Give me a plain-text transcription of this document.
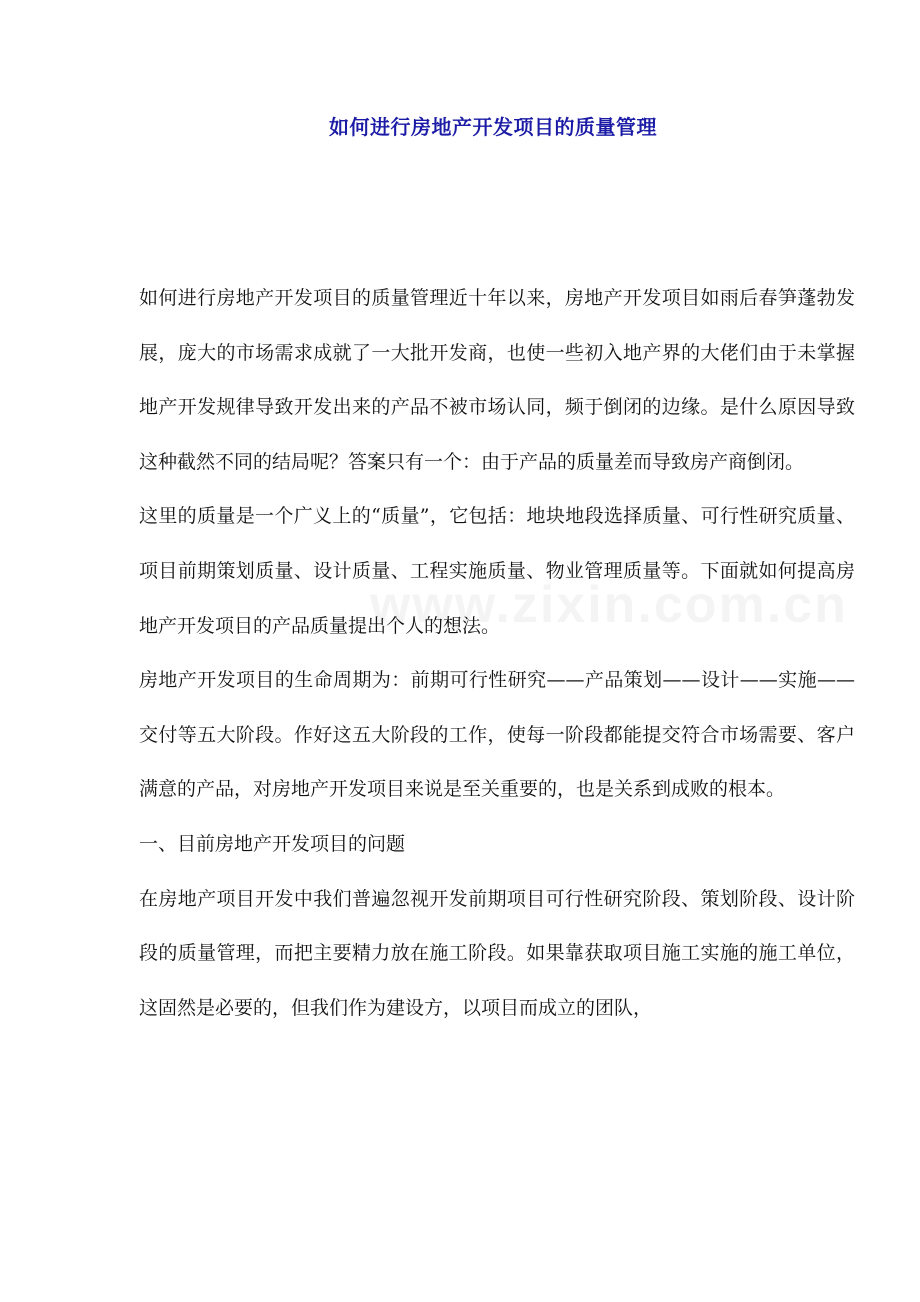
如何进行房地产开发项目的质量管理

如何进行房地产开发项目的质量管理近十年以来，房地产开发项目如雨后春笋蓬勃发展，庞大的市场需求成就了一大批开发商，也使一些初入地产界的大佬们由于未掌握地产开发规律导致开发出来的产品不被市场认同，频于倒闭的边缘。是什么原因导致这种截然不同的结局呢？答案只有一个：由于产品的质量差而导致房产商倒闭。

这里的质量是一个广义上的“质量”，它包括：地块地段选择质量、可行性研究质量、项目前期策划质量、设计质量、工程实施质量、物业管理质量等。下面就如何提高房地产开发项目的产品质量提出个人的想法。

房地产开发项目的生命周期为：前期可行性研究——产品策划——设计——实施——交付等五大阶段。作好这五大阶段的工作，使每一阶段都能提交符合市场需要、客户满意的产品，对房地产开发项目来说是至关重要的，也是关系到成败的根本。

一、目前房地产开发项目的问题

在房地产项目开发中我们普遍忽视开发前期项目可行性研究阶段、策划阶段、设计阶段的质量管理，而把主要精力放在施工阶段。如果靠获取项目施工实施的施工单位，这固然是必要的，但我们作为建设方，以项目而成立的团队，
